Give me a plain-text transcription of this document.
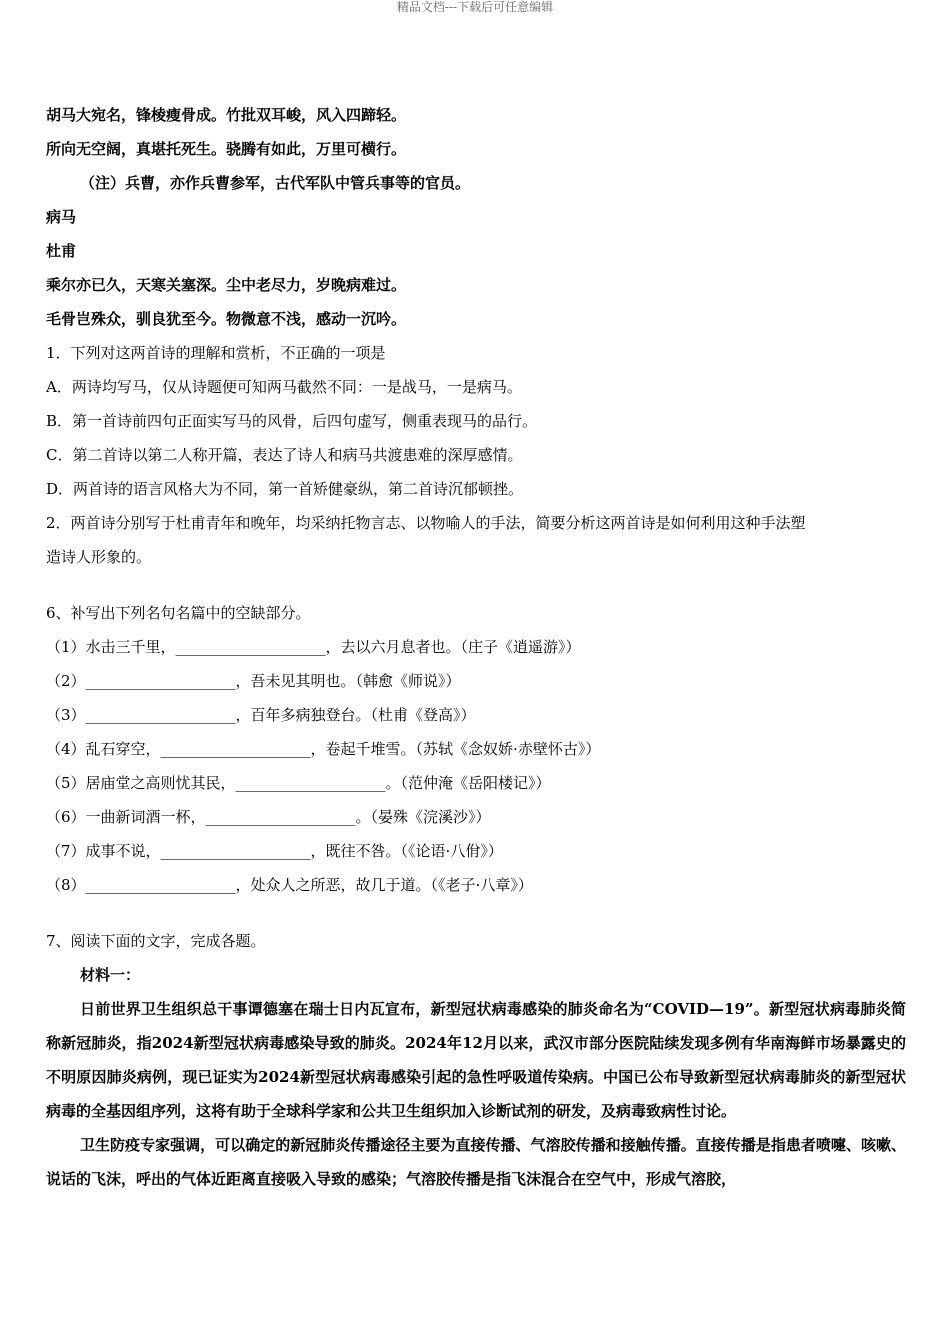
精品文档---下载后可任意编辑
胡马大宛名，锋棱瘦骨成。竹批双耳峻，风入四蹄轻。
所向无空阔，真堪托死生。骁腾有如此，万里可横行。
（注）兵曹，亦作兵曹参军，古代军队中管兵事等的官员。
病马
杜甫
乘尔亦已久，天寒关塞深。尘中老尽力，岁晚病难过。
毛骨岂殊众，驯良犹至今。物微意不浅，感动一沉吟。
1．下列对这两首诗的理解和赏析，不正确的一项是
A．两诗均写马，仅从诗题便可知两马截然不同：一是战马，一是病马。
B．第一首诗前四句正面实写马的风骨，后四句虚写，侧重表现马的品行。
C．第二首诗以第二人称开篇，表达了诗人和病马共渡患难的深厚感情。
D．两首诗的语言风格大为不同，第一首矫健豪纵，第二首诗沉郁顿挫。
2．两首诗分别写于杜甫青年和晚年，均采纳托物言志、以物喻人的手法，简要分析这两首诗是如何利用这种手法塑
造诗人形象的。
6、补写出下列名句名篇中的空缺部分。
（1）水击三千里，____________________，去以六月息者也。（庄子《逍遥游》）
（2）____________________，吾未见其明也。（韩愈《师说》）
（3）____________________，百年多病独登台。（杜甫《登高》）
（4）乱石穿空，____________________，卷起千堆雪。（苏轼《念奴娇·赤壁怀古》）
（5）居庙堂之高则忧其民，____________________。（范仲淹《岳阳楼记》）
（6）一曲新词酒一杯，____________________。（晏殊《浣溪沙》）
（7）成事不说，____________________，既往不咎。（《论语·八佾》）
（8）____________________，处众人之所恶，故几于道。（《老子·八章》）
7、阅读下面的文字，完成各题。
材料一：
日前世界卫生组织总干事谭德塞在瑞士日内瓦宣布，新型冠状病毒感染的肺炎命名为“COVID—19”。新型冠状病毒肺炎简称新冠肺炎，指2024新型冠状病毒感染导致的肺炎。2024年12月以来，武汉市部分医院陆续发现多例有华南海鲜市场暴露史的不明原因肺炎病例，现已证实为2024新型冠状病毒感染引起的急性呼吸道传染病。中国已公布导致新型冠状病毒肺炎的新型冠状病毒的全基因组序列，这将有助于全球科学家和公共卫生组织加入诊断试剂的研发，及病毒致病性讨论。
卫生防疫专家强调，可以确定的新冠肺炎传播途径主要为直接传播、气溶胶传播和接触传播。直接传播是指患者喷嚏、咳嗽、说话的飞沫，呼出的气体近距离直接吸入导致的感染；气溶胶传播是指飞沫混合在空气中，形成气溶胶，
